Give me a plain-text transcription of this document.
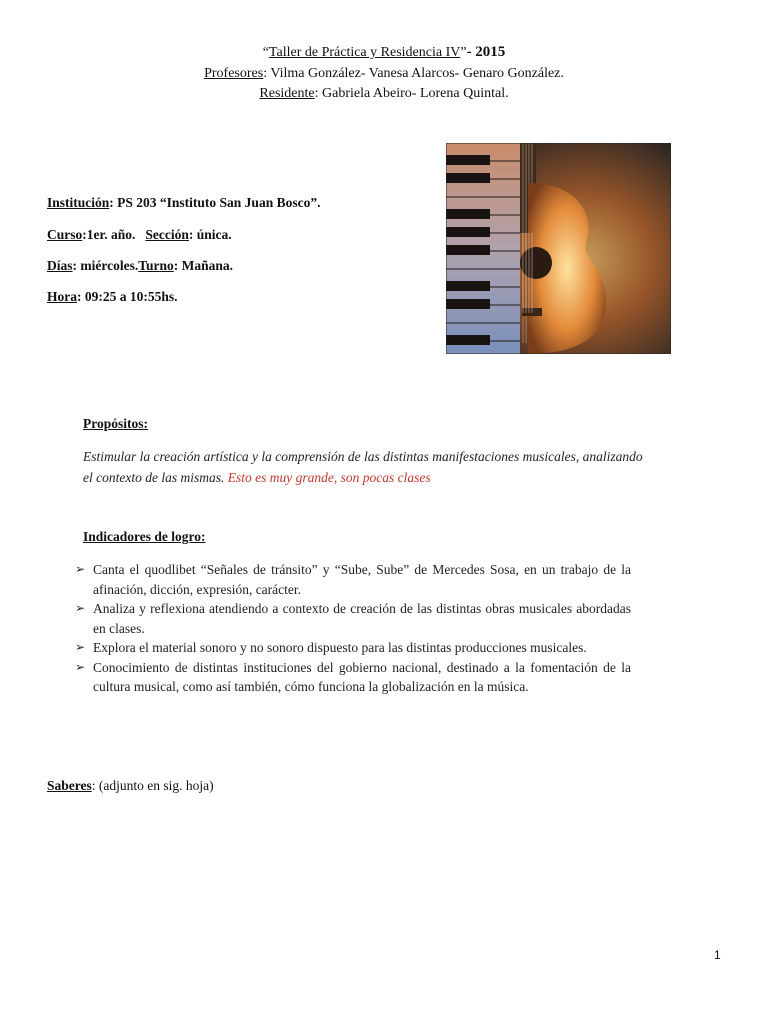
“Taller de Práctica y Residencia IV”- 2015
Profesores: Vilma González- Vanesa Alarcos- Genaro González.
Residente: Gabriela Abeiro- Lorena Quintal.
Institución: PS 203 “Instituto San Juan Bosco”.
Curso:1er. año. Sección: única.
Días: miércoles.Turno: Mañana.
Hora: 09:25 a 10:55hs.
Propósitos:
Estimular la creación artística y la comprensión de las distintas manifestaciones musicales, analizando el contexto de las mismas. Esto es muy grande, son pocas clases
Indicadores de logro:
➢ Canta el quodlibet “Señales de tránsito” y “Sube, Sube” de Mercedes Sosa, en un trabajo de la afinación, dicción, expresión, carácter.
➢ Analiza y reflexiona atendiendo a contexto de creación de las distintas obras musicales abordadas en clases.
➢ Explora el material sonoro y no sonoro dispuesto para las distintas producciones musicales.
➢ Conocimiento de distintas instituciones del gobierno nacional, destinado a la fomentación de la cultura musical, como así también, cómo funciona la globalización en la música.
Saberes: (adjunto en sig. hoja)
1
